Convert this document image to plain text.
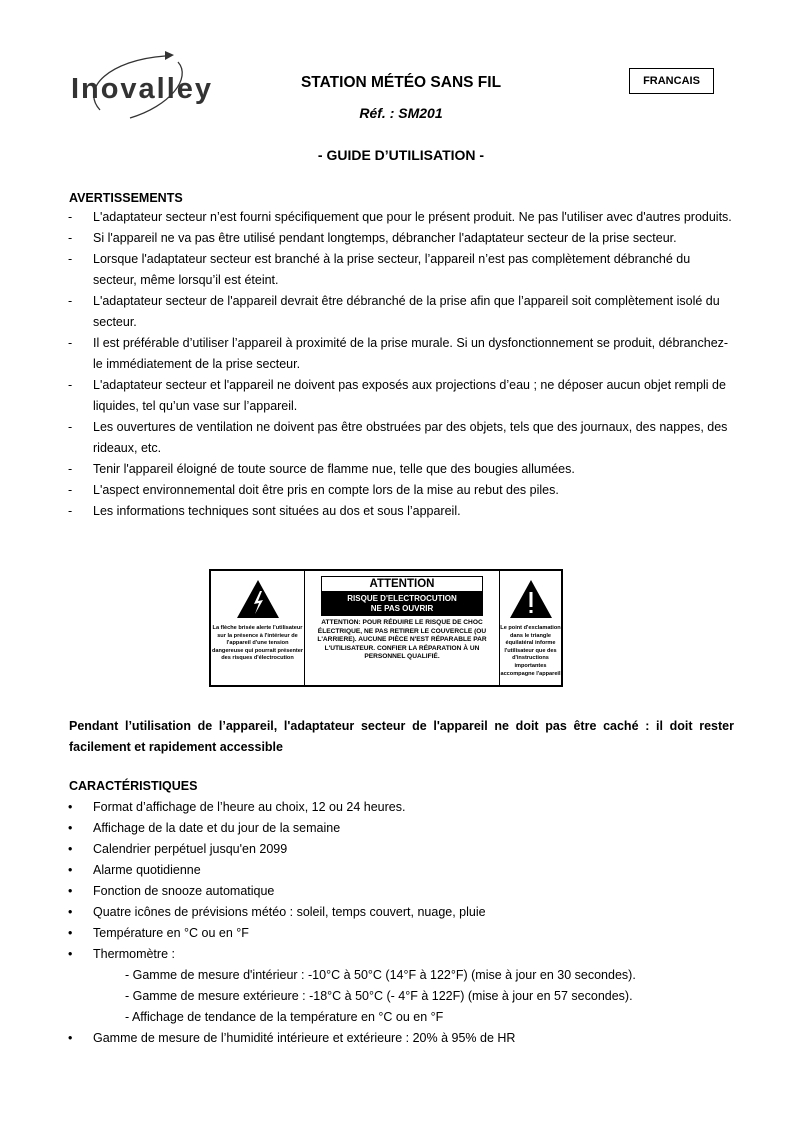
Inovalley	STATION MÉTÉO SANS FIL
Réf. : SM201
- GUIDE D’UTILISATION -
FRANCAIS
AVERTISSEMENTS
- L'adaptateur secteur n’est fourni spécifiquement que pour le présent produit. Ne pas l'utiliser avec d'autres produits.
- Si l'appareil ne va pas être utilisé pendant longtemps, débrancher l'adaptateur secteur de la prise secteur.
- Lorsque l'adaptateur secteur est branché à la prise secteur, l’appareil n’est pas complètement débranché du secteur, même lorsqu’il est éteint.
- L'adaptateur secteur de l'appareil devrait être débranché de la prise afin que l’appareil soit complètement isolé du secteur.
- Il est préférable d’utiliser l’appareil à proximité de la prise murale. Si un dysfonctionnement se produit, débranchez-le immédiatement de la prise secteur.
- L'adaptateur secteur et l'appareil ne doivent pas exposés aux projections d’eau ; ne déposer aucun objet rempli de liquides, tel qu’un vase sur l’appareil.
- Les ouvertures de ventilation ne doivent pas être obstruées par des objets, tels que des journaux, des nappes, des rideaux, etc.
- Tenir l'appareil éloigné de toute source de flamme nue, telle que des bougies allumées.
- L'aspect environnemental doit être pris en compte lors de la mise au rebut des piles.
- Les informations techniques sont situées au dos et sous l’appareil.
La flèche brisée alerte l'utilisateur sur la présence à l'intérieur de l'appareil d'une tension dangereuse qui pourrait présenter des risques d'électrocution
ATTENTION
RISQUE D'ELECTROCUTION
NE PAS OUVRIR
ATTENTION: POUR RÉDUIRE LE RISQUE DE CHOC ÉLECTRIQUE, NE PAS RETIRER LE COUVERCLE (OU L'ARRIERE). AUCUNE PIÈCE N'EST RÉPARABLE PAR L'UTILISATEUR. CONFIER LA RÉPARATION À UN PERSONNEL QUALIFIÉ.
Le point d'exclamation dans le triangle équilatéral informe l'utilisateur que des d'instructions importantes accompagne l'appareil
Pendant l’utilisation de l’appareil, l'adaptateur secteur de l'appareil ne doit pas être caché : il doit rester facilement et rapidement accessible
CARACTÉRISTIQUES
• Format d’affichage de l’heure au choix, 12 ou 24 heures.
• Affichage de la date et du jour de la semaine
• Calendrier perpétuel jusqu'en 2099
• Alarme quotidienne
• Fonction de snooze automatique
• Quatre icônes de prévisions météo : soleil, temps couvert, nuage, pluie
• Température en °C ou en °F
• Thermomètre :
- Gamme de mesure d'intérieur : -10°C à 50°C (14°F à 122°F) (mise à jour en 30 secondes).
- Gamme de mesure extérieure : -18°C à 50°C (- 4°F à 122F) (mise à jour en 57 secondes).
- Affichage de tendance de la température en °C ou en °F
• Gamme de mesure de l’humidité intérieure et extérieure : 20% à 95% de HR
